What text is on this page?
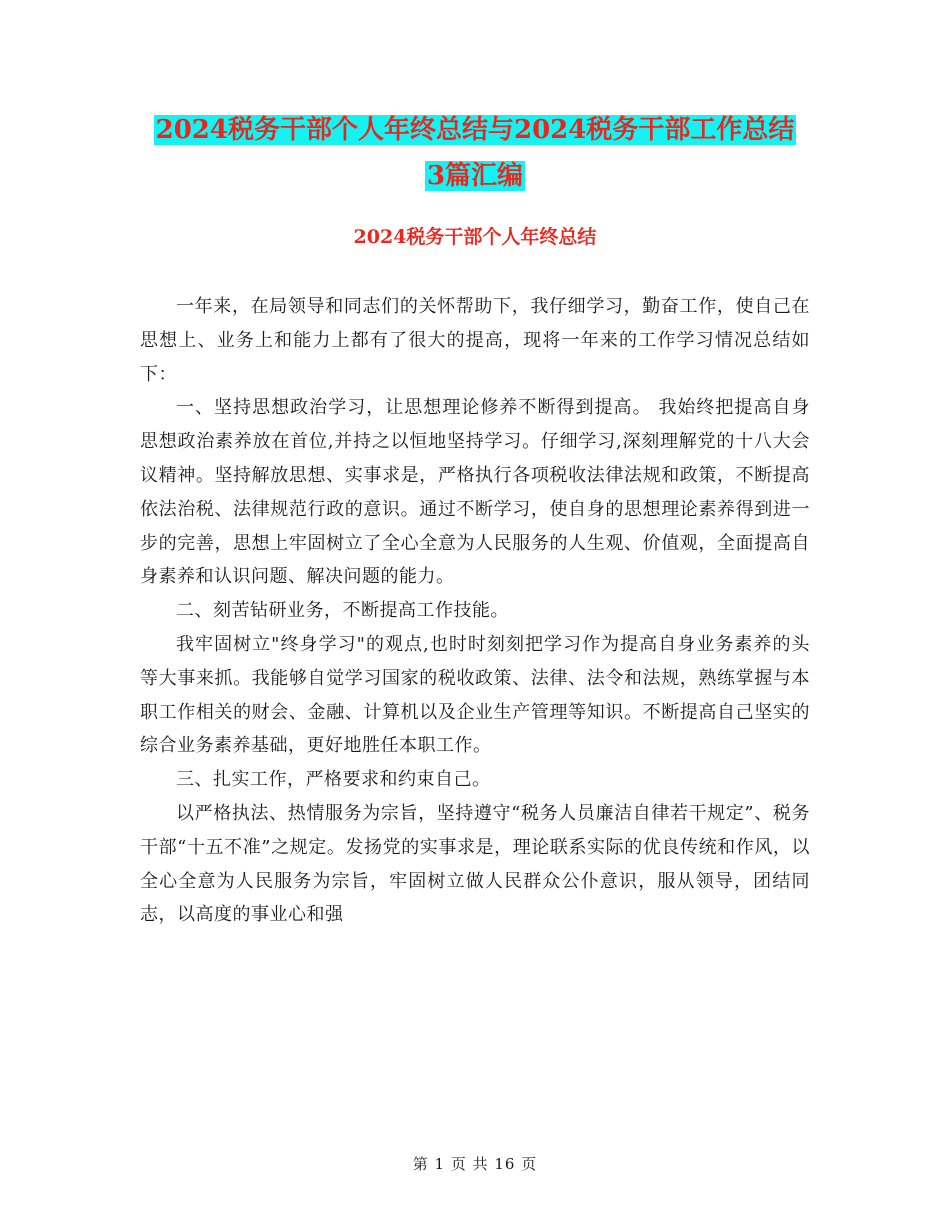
2024税务干部个人年终总结与2024税务干部工作总结
3篇汇编
2024税务干部个人年终总结

一年来，在局领导和同志们的关怀帮助下，我仔细学习，勤奋工作，使自己在思想上、业务上和能力上都有了很大的提高，现将一年来的工作学习情况总结如下：

一、坚持思想政治学习，让思想理论修养不断得到提高。 我始终把提高自身思想政治素养放在首位,并持之以恒地坚持学习。仔细学习,深刻理解党的十八大会议精神。坚持解放思想、实事求是，严格执行各项税收法律法规和政策，不断提高依法治税、法律规范行政的意识。通过不断学习，使自身的思想理论素养得到进一步的完善，思想上牢固树立了全心全意为人民服务的人生观、价值观，全面提高自身素养和认识问题、解决问题的能力。

二、刻苦钻研业务，不断提高工作技能。

我牢固树立"终身学习"的观点,也时时刻刻把学习作为提高自身业务素养的头等大事来抓。我能够自觉学习国家的税收政策、法律、法令和法规，熟练掌握与本职工作相关的财会、金融、计算机以及企业生产管理等知识。不断提高自己坚实的综合业务素养基础，更好地胜任本职工作。

三、扎实工作，严格要求和约束自己。

以严格执法、热情服务为宗旨，坚持遵守“税务人员廉洁自律若干规定”、税务干部“十五不准”之规定。发扬党的实事求是，理论联系实际的优良传统和作风，以全心全意为人民服务为宗旨，牢固树立做人民群众公仆意识，服从领导，团结同志，以高度的事业心和强

第 1 页 共 16 页
